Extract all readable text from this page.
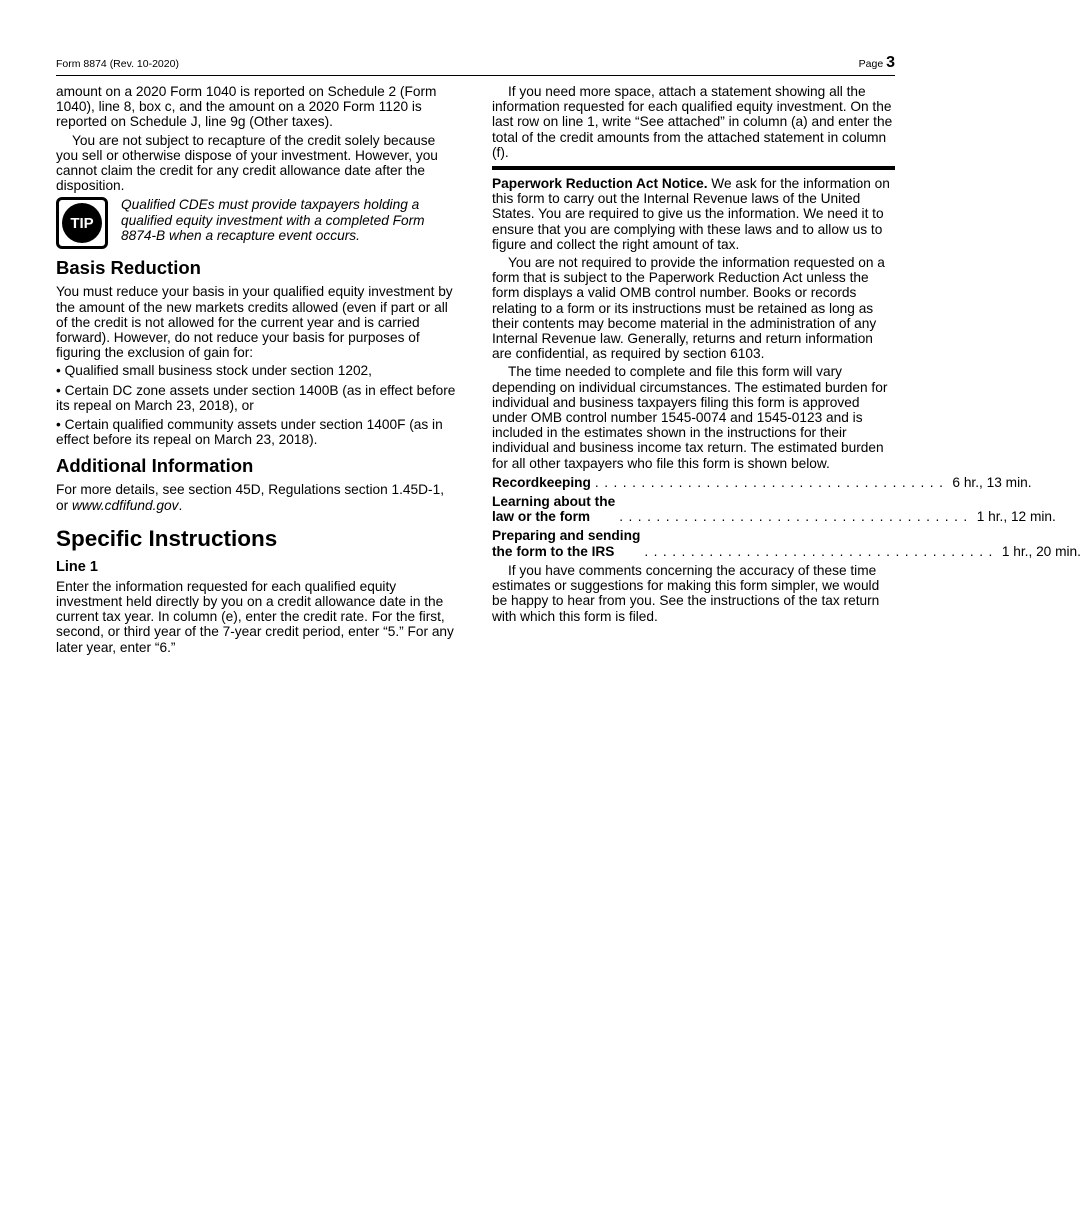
Form 8874 (Rev. 10-2020)	Page 3

amount on a 2020 Form 1040 is reported on Schedule 2 (Form 1040), line 8, box c, and the amount on a 2020 Form 1120 is reported on Schedule J, line 9g (Other taxes).

You are not subject to recapture of the credit solely because you sell or otherwise dispose of your investment. However, you cannot claim the credit for any credit allowance date after the disposition.

TIP
Qualified CDEs must provide taxpayers holding a qualified equity investment with a completed Form 8874-B when a recapture event occurs.
Basis Reduction

You must reduce your basis in your qualified equity investment by the amount of the new markets credits allowed (even if part or all of the credit is not allowed for the current year and is carried forward). However, do not reduce your basis for purposes of figuring the exclusion of gain for:

• Qualified small business stock under section 1202,
• Certain DC zone assets under section 1400B (as in effect before its repeal on March 23, 2018), or
• Certain qualified community assets under section 1400F (as in effect before its repeal on March 23, 2018).
Additional Information

For more details, see section 45D, Regulations section 1.45D-1, or www.cdfifund.gov.

Specific Instructions
Line 1

Enter the information requested for each qualified equity investment held directly by you on a credit allowance date in the current tax year. In column (e), enter the credit rate. For the first, second, or third year of the 7-year credit period, enter “5.” For any later year, enter “6.”

If you need more space, attach a statement showing all the information requested for each qualified equity investment. On the last row on line 1, write “See attached” in column (a) and enter the total of the credit amounts from the attached statement in column (f).

Paperwork Reduction Act Notice. We ask for the information on this form to carry out the Internal Revenue laws of the United States. You are required to give us the information. We need it to ensure that you are complying with these laws and to allow us to figure and collect the right amount of tax.

You are not required to provide the information requested on a form that is subject to the Paperwork Reduction Act unless the form displays a valid OMB control number. Books or records relating to a form or its instructions must be retained as long as their contents may become material in the administration of any Internal Revenue law. Generally, returns and return information are confidential, as required by section 6103.

The time needed to complete and file this form will vary depending on individual circumstances. The estimated burden for individual and business taxpayers filing this form is approved under OMB control number 1545-0074 and 1545-0123 and is included in the estimates shown in the instructions for their individual and business income tax return. The estimated burden for all other taxpayers who file this form is shown below.

Recordkeeping ...................................... 6 hr., 13 min.
Learning about the
law or the form	...................................... 1 hr., 12 min.
Preparing and sending
the form to the IRS	...................................... 1 hr., 20 min.

If you have comments concerning the accuracy of these time estimates or suggestions for making this form simpler, we would be happy to hear from you. See the instructions of the tax return with which this form is filed.
